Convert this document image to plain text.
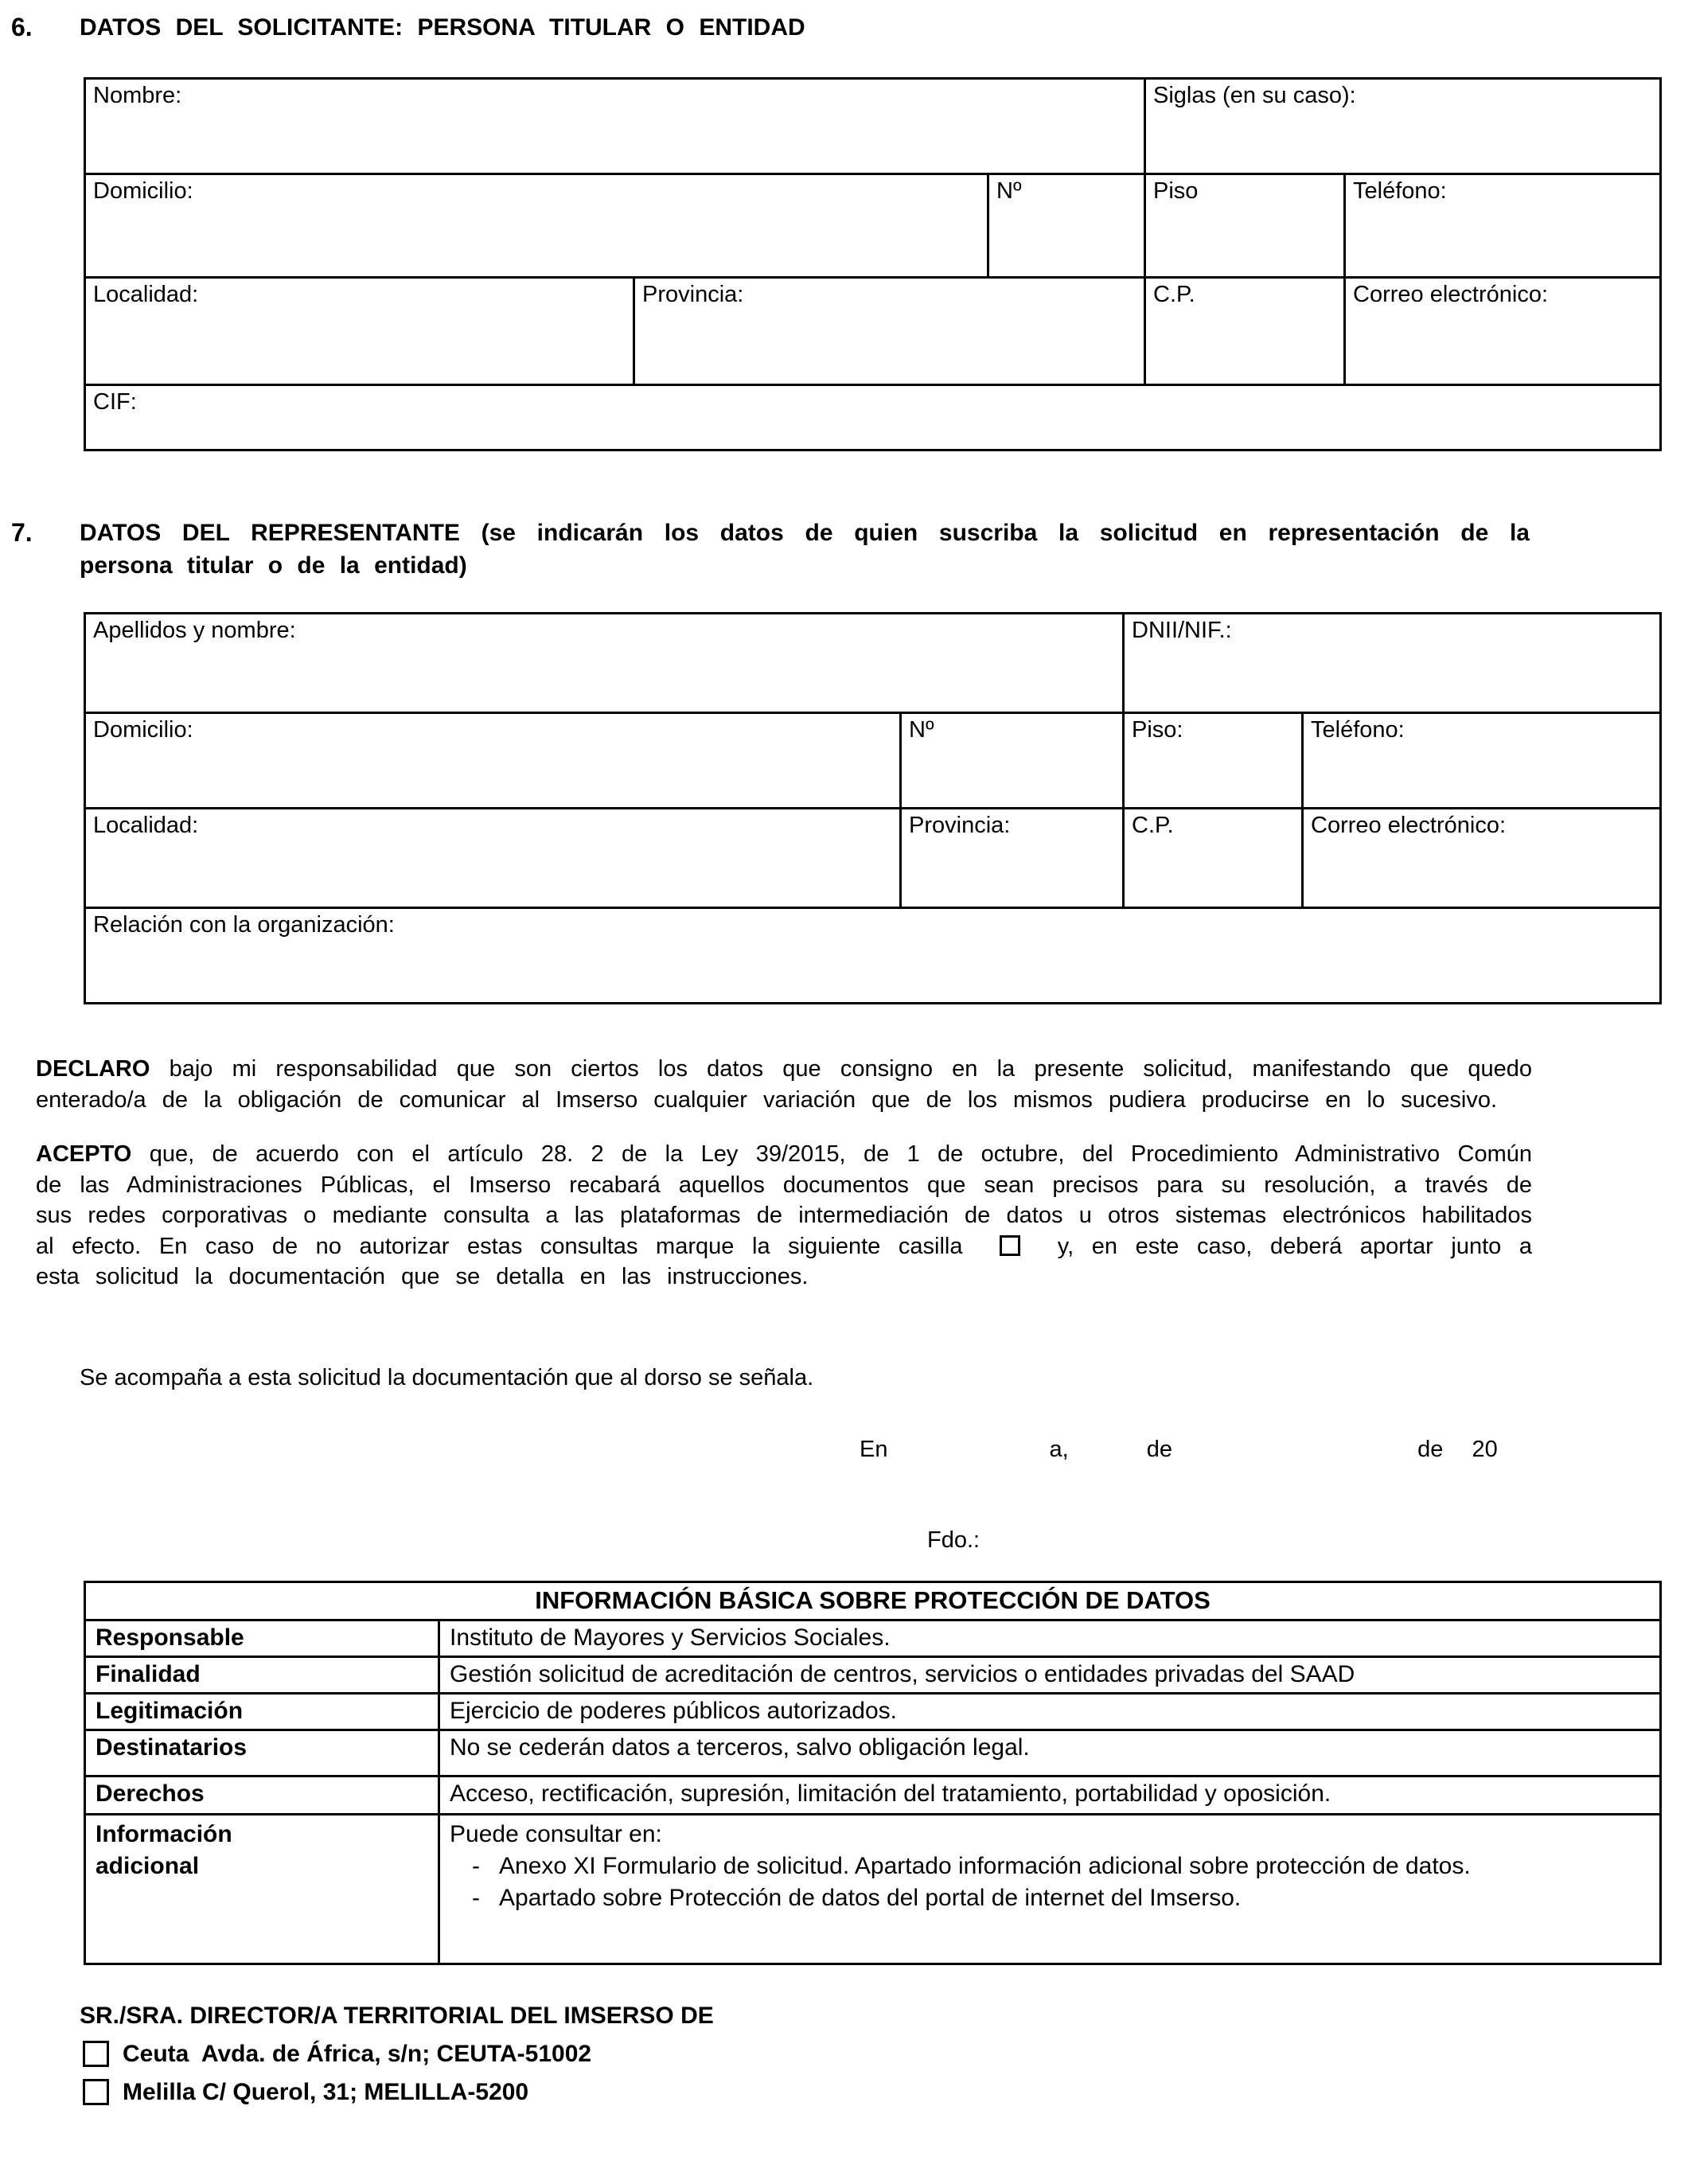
6.	DATOS DEL SOLICITANTE: PERSONA TITULAR O ENTIDAD
Nombre:			Siglas (en su caso):	
Domicilio:		Nº	Piso	Teléfono:
Localidad:	Provincia:		C.P.	Correo electrónico:
CIF:				
7.	DATOS DEL REPRESENTANTE (se indicarán los datos de quien suscriba la solicitud en representación de la persona titular o de la entidad)
Apellidos y nombre:		DNII/NIF.:	
Domicilio:	Nº	Piso:	Teléfono:
Localidad:	Provincia:	C.P.	Correo electrónico:
Relación con la organización:			

DECLARO bajo mi responsabilidad que son ciertos los datos que consigno en la presente solicitud, manifestando que quedo enterado/a de la obligación de comunicar al Imserso cualquier variación que de los mismos pudiera producirse en lo sucesivo.

ACEPTO que, de acuerdo con el artículo 28. 2 de la Ley 39/2015, de 1 de octubre, del Procedimiento Administrativo Común de las Administraciones Públicas, el Imserso recabará aquellos documentos que sean precisos para su resolución, a través de sus redes corporativas o mediante consulta a las plataformas de intermediación de datos u otros sistemas electrónicos habilitados al efecto. En caso de no autorizar estas consultas marque la siguiente casilla	y, en este caso, deberá aportar junto a esta solicitud la documentación que se detalla en las instrucciones.

Se acompaña a esta solicitud la documentación que al dorso se señala.
En	a,	de	de 20
Fdo.:
INFORMACIÓN BÁSICA SOBRE PROTECCIÓN DE DATOS	
Responsable	Instituto de Mayores y Servicios Sociales.
Finalidad	Gestión solicitud de acreditación de centros, servicios o entidades privadas del SAAD
Legitimación	Ejercicio de poderes públicos autorizados.
Destinatarios	No se cederán datos a terceros, salvo obligación legal.
Derechos	Acceso, rectificación, supresión, limitación del tratamiento, portabilidad y oposición.

Información adicional	Puede consultar en:
- Anexo XI Formulario de solicitud. Apartado información adicional sobre protección de datos.
- Apartado sobre Protección de datos del portal de internet del Imserso.
SR./SRA. DIRECTOR/A TERRITORIAL DEL IMSERSO DE
Ceuta  Avda. de África, s/n; CEUTA-51002
Melilla C/ Querol, 31; MELILLA-5200
